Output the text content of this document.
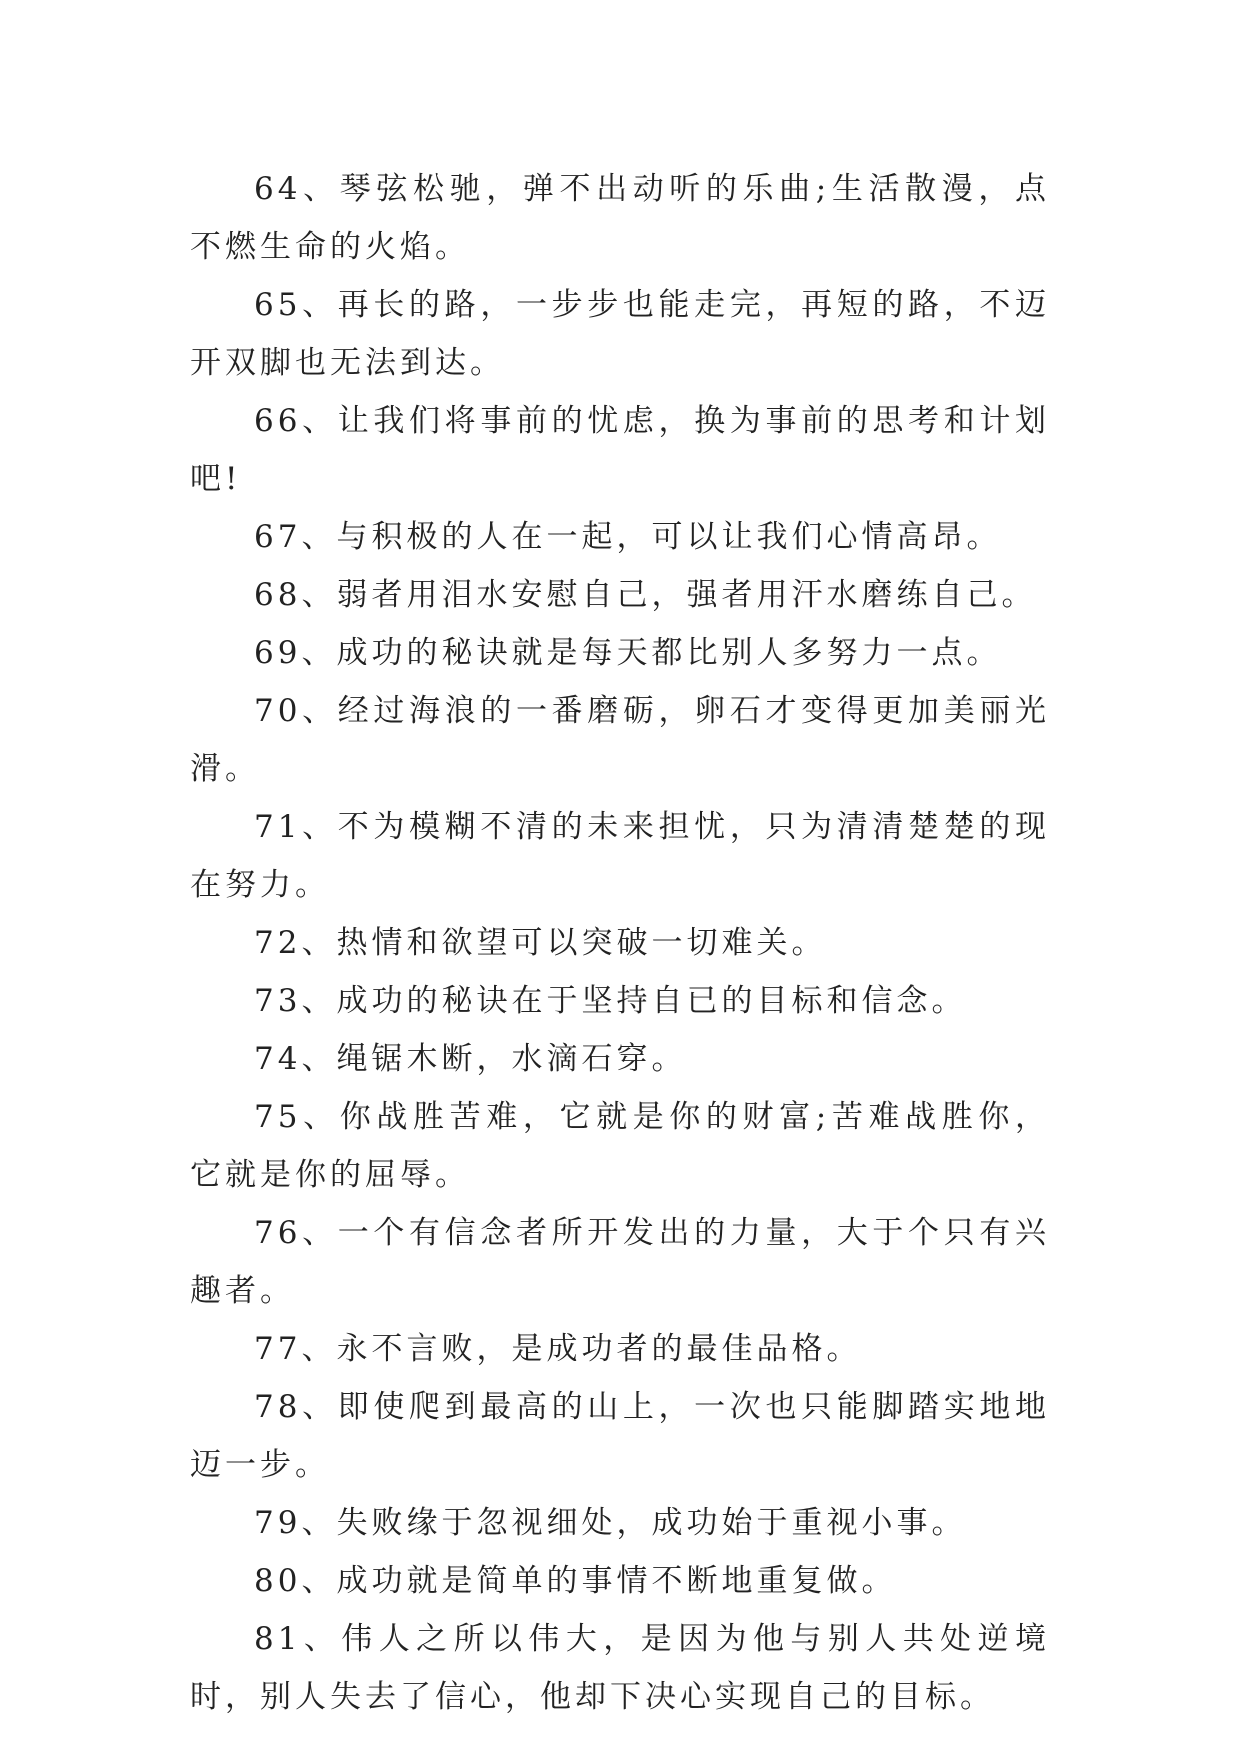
64、琴弦松驰，弹不出动听的乐曲;生活散漫，点不燃生命的火焰。

65、再长的路，一步步也能走完，再短的路，不迈开双脚也无法到达。

66、让我们将事前的忧虑，换为事前的思考和计划吧!

67、与积极的人在一起，可以让我们心情高昂。

68、弱者用泪水安慰自己，强者用汗水磨练自己。

69、成功的秘诀就是每天都比别人多努力一点。

70、经过海浪的一番磨砺，卵石才变得更加美丽光滑。

71、不为模糊不清的未来担忧，只为清清楚楚的现在努力。

72、热情和欲望可以突破一切难关。

73、成功的秘诀在于坚持自已的目标和信念。

74、绳锯木断，水滴石穿。

75、你战胜苦难，它就是你的财富;苦难战胜你，它就是你的屈辱。

76、一个有信念者所开发出的力量，大于个只有兴趣者。

77、永不言败，是成功者的最佳品格。

78、即使爬到最高的山上，一次也只能脚踏实地地迈一步。

79、失败缘于忽视细处，成功始于重视小事。

80、成功就是简单的事情不断地重复做。

81、伟人之所以伟大，是因为他与别人共处逆境时，别人失去了信心，他却下决心实现自己的目标。
